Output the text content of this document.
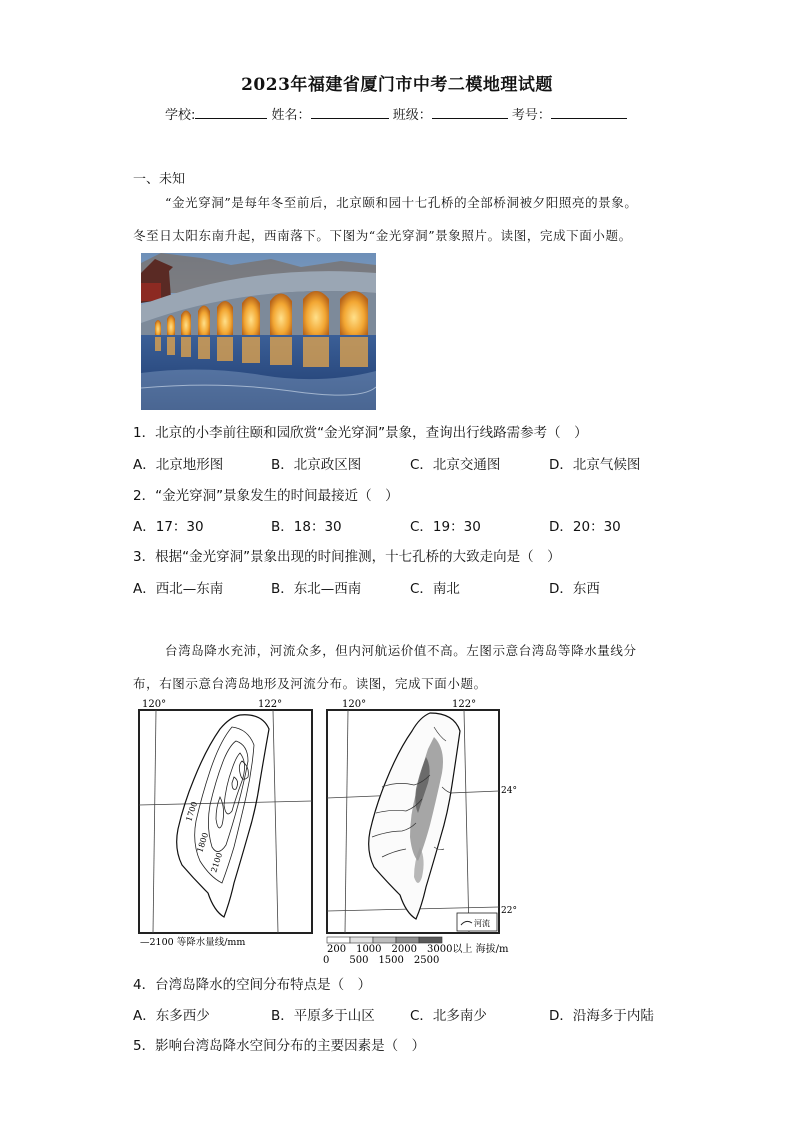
2023年福建省厦门市中考二模地理试题
学校:	姓名：	班级：	考号：
一、未知
“金光穿洞”是每年冬至前后，北京颐和园十七孔桥的全部桥洞被夕阳照亮的景象。
冬至日太阳东南升起，西南落下。下图为“金光穿洞”景象照片。读图，完成下面小题。
1．北京的小李前往颐和园欣赏“金光穿洞”景象，查询出行线路需参考（　）
A．北京地形图	B．北京政区图	C．北京交通图	D．北京气候图
2．“金光穿洞”景象发生的时间最接近（　）
A．17：30	B．18：30	C．19：30	D．20：30
3．根据“金光穿洞”景象出现的时间推测，十七孔桥的大致走向是（　）
A．西北—东南	B．东北—西南	C．南北	D．东西
台湾岛降水充沛，河流众多，但内河航运价值不高。左图示意台湾岛等降水量线分
布，右图示意台湾岛地形及河流分布。读图，完成下面小题。
120°	122°
1700
1800
2100
—2100 等降水量线/mm
120°	122°
24°
22°
河流
200　1000　2000　3000以上 海拔/m
0　　500　1500　2500
4．台湾岛降水的空间分布特点是（　）
A．东多西少	B．平原多于山区	C．北多南少	D．沿海多于内陆
5．影响台湾岛降水空间分布的主要因素是（　）
